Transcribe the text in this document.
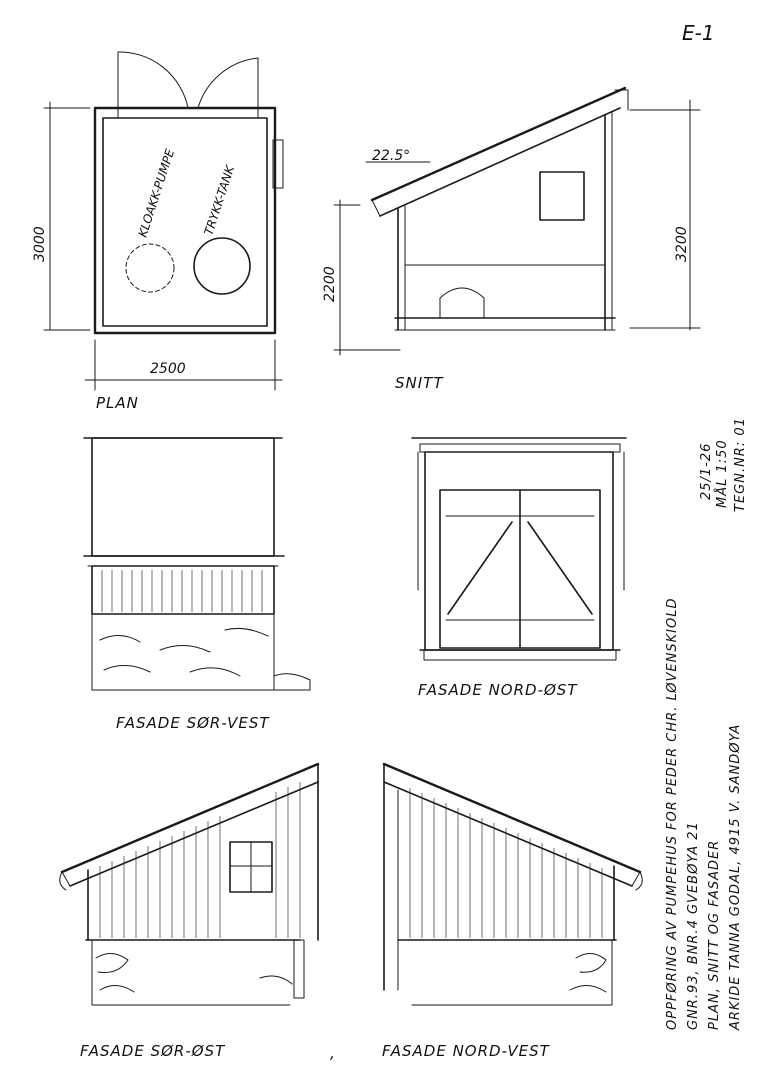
E-1
KLOAKK-PUMPE TRYKK-TANK
3000
2500
PLAN
22.5°
2200
3200
SNITT
FASADE SØR-VEST
FASADE NORD-ØST
FASADE SØR-ØST	,	FASADE NORD-VEST
OPPFØRING AV PUMPEHUS FOR PEDER CHR. LØVENSKIOLD GNR.93, BNR.4 GVEBØYA 21 PLAN, SNITT OG FASADER ARKIDE TANNA GODAL, 4915 V. SANDØYA
25/1-26 MÅL 1:50 TEGN.NR: 01
